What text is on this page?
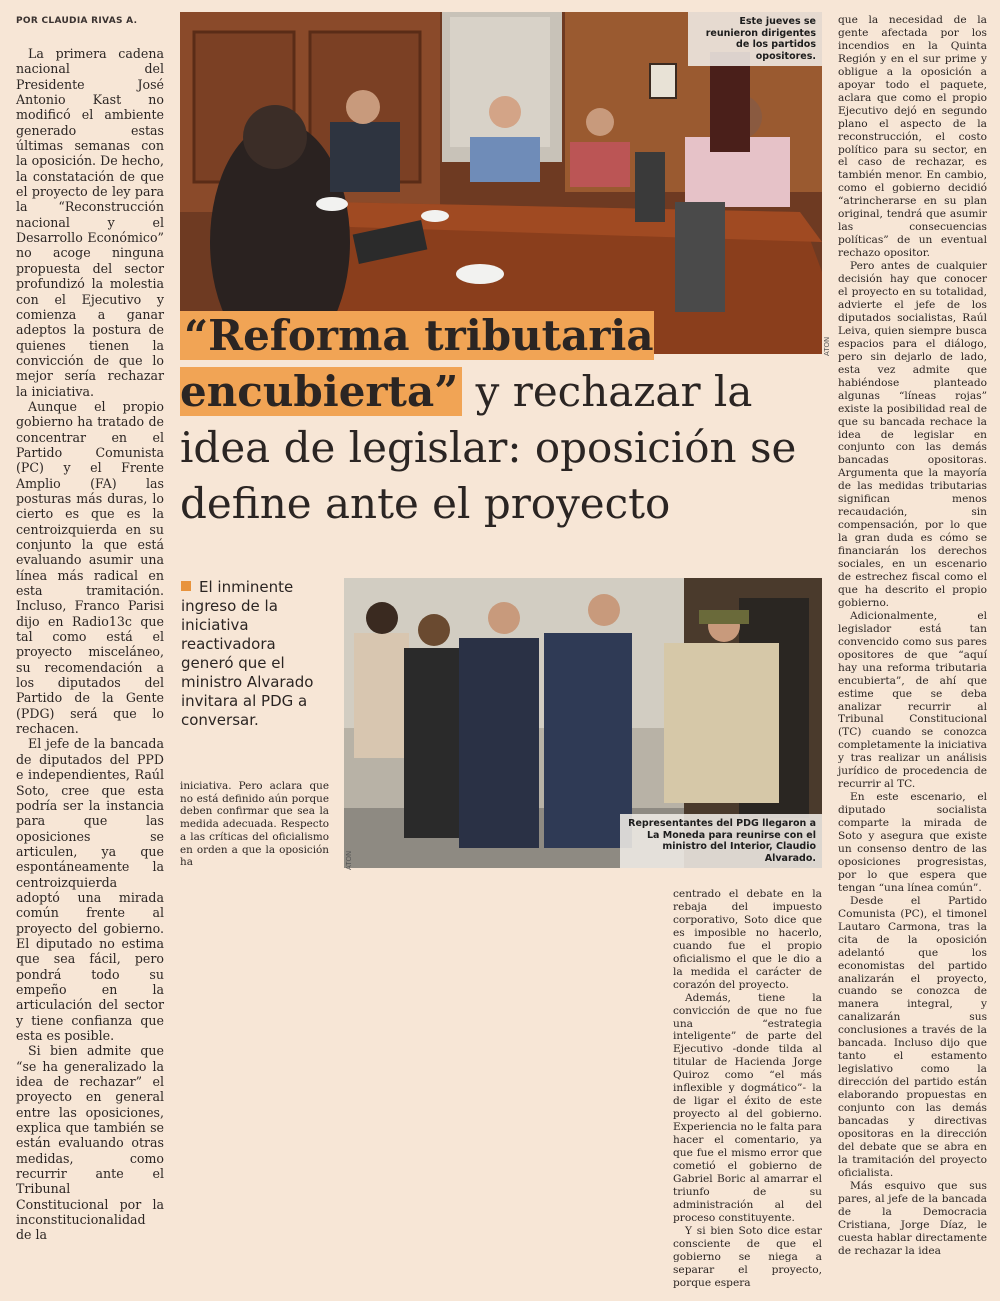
POR CLAUDIA RIVAS A.

La primera cadena nacional del Presidente José Antonio Kast no modificó el ambiente generado estas últimas semanas con la oposición. De hecho, la constatación de que el proyecto de ley para la “Reconstrucción nacional y el Desarrollo Económico” no acoge ninguna propuesta del sector profundizó la molestia con el Ejecutivo y comienza a ganar adeptos la postura de quienes tienen la convicción de que lo mejor sería rechazar la iniciativa.

Aunque el propio gobierno ha tratado de concentrar en el Partido Comunista (PC) y el Frente Amplio (FA) las posturas más duras, lo cierto es que es la centroizquierda en su conjunto la que está evaluando asumir una línea más radical en esta tramitación. Incluso, Franco Parisi dijo en Radio13c que tal como está el proyecto misceláneo, su recomendación a los diputados del Partido de la Gente (PDG) será que lo rechacen.

El jefe de la bancada de diputados del PPD e independientes, Raúl Soto, cree que esta podría ser la instancia para que las oposiciones se articulen, ya que espontáneamente la centroizquierda adoptó una mirada común frente al proyecto del gobierno. El diputado no estima que sea fácil, pero pondrá todo su empeño en la articulación del sector y tiene confianza que esta es posible.

Si bien admite que “se ha generalizado la idea de rechazar” el proyecto en general entre las oposiciones, explica que también se están evaluando otras medidas, como recurrir ante el Tribunal Constitucional por la inconstitucionalidad de la

Este jueves se reunieron dirigentes de los partidos opositores.
ATON
“Reforma tributaria encubierta” y rechazar la idea de legislar: oposición se define ante el proyecto
El inminente ingreso de la iniciativa reactivadora generó que el ministro Alvarado invitara al PDG a conversar.

iniciativa. Pero aclara que no está definido aún porque deben confirmar que sea la medida adecuada. Respecto a las críticas del oficialismo en orden a que la oposición ha

Representantes del PDG llegaron a La Moneda para reunirse con el ministro del Interior, Claudio Alvarado.
ATON

centrado el debate en la rebaja del impuesto corporativo, Soto dice que es imposible no hacerlo, cuando fue el propio oficialismo el que le dio a la medida el carácter de corazón del proyecto.

Además, tiene la convicción de que no fue una “estrategia inteligente” de parte del Ejecutivo -donde tilda al titular de Hacienda Jorge Quiroz como “el más inflexible y dogmático”- la de ligar el éxito de este proyecto al del gobierno. Experiencia no le falta para hacer el comentario, ya que fue el mismo error que cometió el gobierno de Gabriel Boric al amarrar el triunfo de su administración al del proceso constituyente.

Y si bien Soto dice estar consciente de que el gobierno se niega a separar el proyecto, porque espera

que la necesidad de la gente afectada por los incendios en la Quinta Región y en el sur prime y obligue a la oposición a apoyar todo el paquete, aclara que como el propio Ejecutivo dejó en segundo plano el aspecto de la reconstrucción, el costo político para su sector, en el caso de rechazar, es también menor. En cambio, como el gobierno decidió “atrincherarse en su plan original, tendrá que asumir las consecuencias políticas” de un eventual rechazo opositor.

Pero antes de cualquier decisión hay que conocer el proyecto en su totalidad, advierte el jefe de los diputados socialistas, Raúl Leiva, quien siempre busca espacios para el diálogo, pero sin dejarlo de lado, esta vez admite que habiéndose planteado algunas “líneas rojas” existe la posibilidad real de que su bancada rechace la idea de legislar en conjunto con las demás bancadas opositoras. Argumenta que la mayoría de las medidas tributarias significan menos recaudación, sin compensación, por lo que la gran duda es cómo se financiarán los derechos sociales, en un escenario de estrechez fiscal como el que ha descrito el propio gobierno.

Adicionalmente, el legislador está tan convencido como sus pares opositores de que “aquí hay una reforma tributaria encubierta”, de ahí que estime que se deba analizar recurrir al Tribunal Constitucional (TC) cuando se conozca completamente la iniciativa y tras realizar un análisis jurídico de procedencia de recurrir al TC.

En este escenario, el diputado socialista comparte la mirada de Soto y asegura que existe un consenso dentro de las oposiciones progresistas, por lo que espera que tengan “una línea común”.

Desde el Partido Comunista (PC), el timonel Lautaro Carmona, tras la cita de la oposición adelantó que los economistas del partido analizarán el proyecto, cuando se conozca de manera integral, y canalizarán sus conclusiones a través de la bancada. Incluso dijo que tanto el estamento legislativo como la dirección del partido están elaborando propuestas en conjunto con las demás bancadas y directivas opositoras en la dirección del debate que se abra en la tramitación del proyecto oficialista.

Más esquivo que sus pares, al jefe de la bancada de la Democracia Cristiana, Jorge Díaz, le cuesta hablar directamente de rechazar la idea
